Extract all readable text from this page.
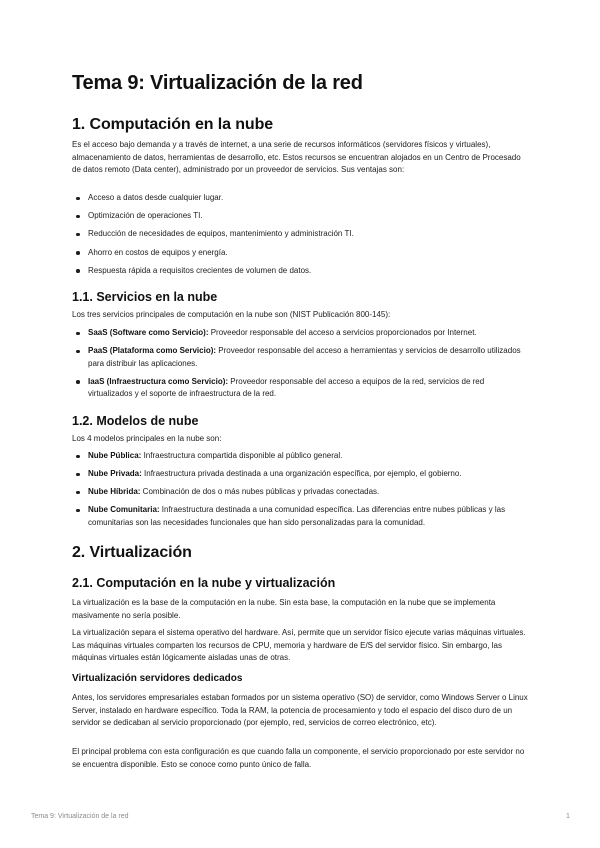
Tema 9: Virtualización de la red
1. Computación en la nube

Es el acceso bajo demanda y a través de internet, a una serie de recursos informáticos (servidores físicos y virtuales), almacenamiento de datos, herramientas de desarrollo, etc. Estos recursos se encuentran alojados en un Centro de Procesado de datos remoto (Data center), administrado por un proveedor de servicios. Sus ventajas son:

Acceso a datos desde cualquier lugar.
Optimización de operaciones TI.
Reducción de necesidades de equipos, mantenimiento y administración TI.
Ahorro en costos de equipos y energía.
Respuesta rápida a requisitos crecientes de volumen de datos.
1.1. Servicios en la nube

Los tres servicios principales de computación en la nube son (NIST Publicación 800-145):

SaaS (Software como Servicio): Proveedor responsable del acceso a servicios proporcionados por Internet.
PaaS (Plataforma como Servicio): Proveedor responsable del acceso a herramientas y servicios de desarrollo utilizados para distribuir las aplicaciones.
IaaS (Infraestructura como Servicio): Proveedor responsable del acceso a equipos de la red, servicios de red virtualizados y el soporte de infraestructura de la red.
1.2. Modelos de nube

Los 4 modelos principales en la nube son:

Nube Pública: Infraestructura compartida disponible al público general.
Nube Privada: Infraestructura privada destinada a una organización específica, por ejemplo, el gobierno.
Nube Híbrida: Combinación de dos o más nubes públicas y privadas conectadas.
Nube Comunitaria: Infraestructura destinada a una comunidad específica. Las diferencias entre nubes públicas y las comunitarias son las necesidades funcionales que han sido personalizadas para la comunidad.
2. Virtualización
2.1. Computación en la nube y virtualización

La virtualización es la base de la computación en la nube. Sin esta base, la computación en la nube que se implementa masivamente no sería posible.

La virtualización separa el sistema operativo del hardware. Así, permite que un servidor físico ejecute varias máquinas virtuales. Las máquinas virtuales comparten los recursos de CPU, memoria y hardware de E/S del servidor físico. Sin embargo, las máquinas virtuales están lógicamente aisladas unas de otras.

Virtualización servidores dedicados

Antes, los servidores empresariales estaban formados por un sistema operativo (SO) de servidor, como Windows Server o Linux Server, instalado en hardware específico. Toda la RAM, la potencia de procesamiento y todo el espacio del disco duro de un servidor se dedicaban al servicio proporcionado (por ejemplo, red, servicios de correo electrónico, etc).

El principal problema con esta configuración es que cuando falla un componente, el servicio proporcionado por este servidor no se encuentra disponible. Esto se conoce como punto único de falla.

Tema 9: Virtualización de la red	1
